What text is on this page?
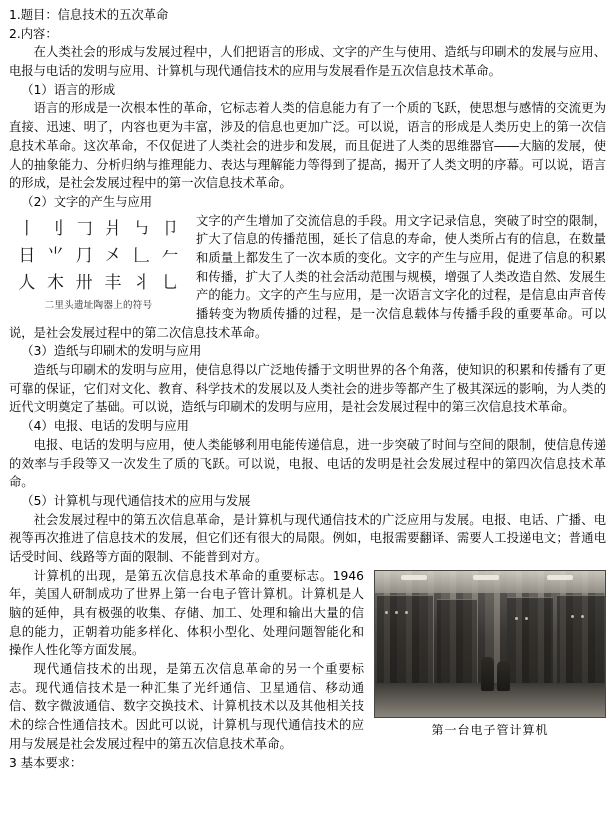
1.题目：信息技术的五次革命
2.内容：
在人类社会的形成与发展过程中，人们把语言的形成、文字的产生与使用、造纸与印刷术的发展与应用、电报与电话的发明与应用、计算机与现代通信技术的应用与发展看作是五次信息技术革命。
（1）语言的形成
语言的形成是一次根本性的革命，它标志着人类的信息能力有了一个质的飞跃，使思想与感情的交流更为直接、迅速、明了，内容也更为丰富，涉及的信息也更加广泛。可以说，语言的形成是人类历史上的第一次信息技术革命。这次革命，不仅促进了人类社会的进步和发展，而且促进了人类的思维器官――大脑的发展，使人的抽象能力、分析归纳与推理能力、表达与理解能力等得到了提高，揭开了人类文明的序幕。可以说，语言的形成，是社会发展过程中的第一次信息技术革命。
（2）文字的产生与应用
丨 刂 𠃌 爿 ㇉ 卩
日 ⺌ ⺆ 㐅 𠃊 𠂉
人 木 卅 丰 丬 乚
二里头遗址陶器上的符号
文字的产生增加了交流信息的手段。用文字记录信息，突破了时空的限制，扩大了信息的传播范围，延长了信息的寿命，使人类所占有的信息，在数量和质量上都发生了一次本质的变化。文字的产生与应用，促进了信息的积累和传播，扩大了人类的社会活动范围与规模，增强了人类改造自然、发展生产的能力。文字的产生与应用，是一次语言文字化的过程，是信息由声音传播转变为物质传播的过程，是一次信息载体与传播手段的重要革命。可以说，是社会发展过程中的第二次信息技术革命。
（3）造纸与印刷术的发明与应用
造纸与印刷术的发明与应用，使信息得以广泛地传播于文明世界的各个角落，使知识的积累和传播有了更可靠的保证，它们对文化、教育、科学技术的发展以及人类社会的进步等都产生了极其深远的影响，为人类的近代文明奠定了基础。可以说，造纸与印刷术的发明与应用，是社会发展过程中的第三次信息技术革命。
（4）电报、电话的发明与应用
电报、电话的发明与应用，使人类能够利用电能传递信息，进一步突破了时间与空间的限制，使信息传递的效率与手段等又一次发生了质的飞跃。可以说，电报、电话的发明是社会发展过程中的第四次信息技术革命。
（5）计算机与现代通信技术的应用与发展
社会发展过程中的第五次信息革命，是计算机与现代通信技术的广泛应用与发展。电报、电话、广播、电视等再次推进了信息技术的发展，但它们还有很大的局限。例如，电报需要翻译、需要人工投递电文；普通电话受时间、线路等方面的限制、不能普到对方。
第一台电子管计算机
计算机的出现，是第五次信息技术革命的重要标志。1946年，美国人研制成功了世界上第一台电子管计算机。计算机是人脑的延伸，具有极强的收集、存储、加工、处理和输出大量的信息的能力，正朝着功能多样化、体积小型化、处理问题智能化和操作人性化等方面发展。
现代通信技术的出现，是第五次信息革命的另一个重要标志。现代通信技术是一种汇集了光纤通信、卫星通信、移动通信、数字微波通信、数字交换技术、计算机技术以及其他相关技术的综合性通信技术。因此可以说，计算机与现代通信技术的应用与发展是社会发展过程中的第五次信息技术革命。
3 基本要求：
